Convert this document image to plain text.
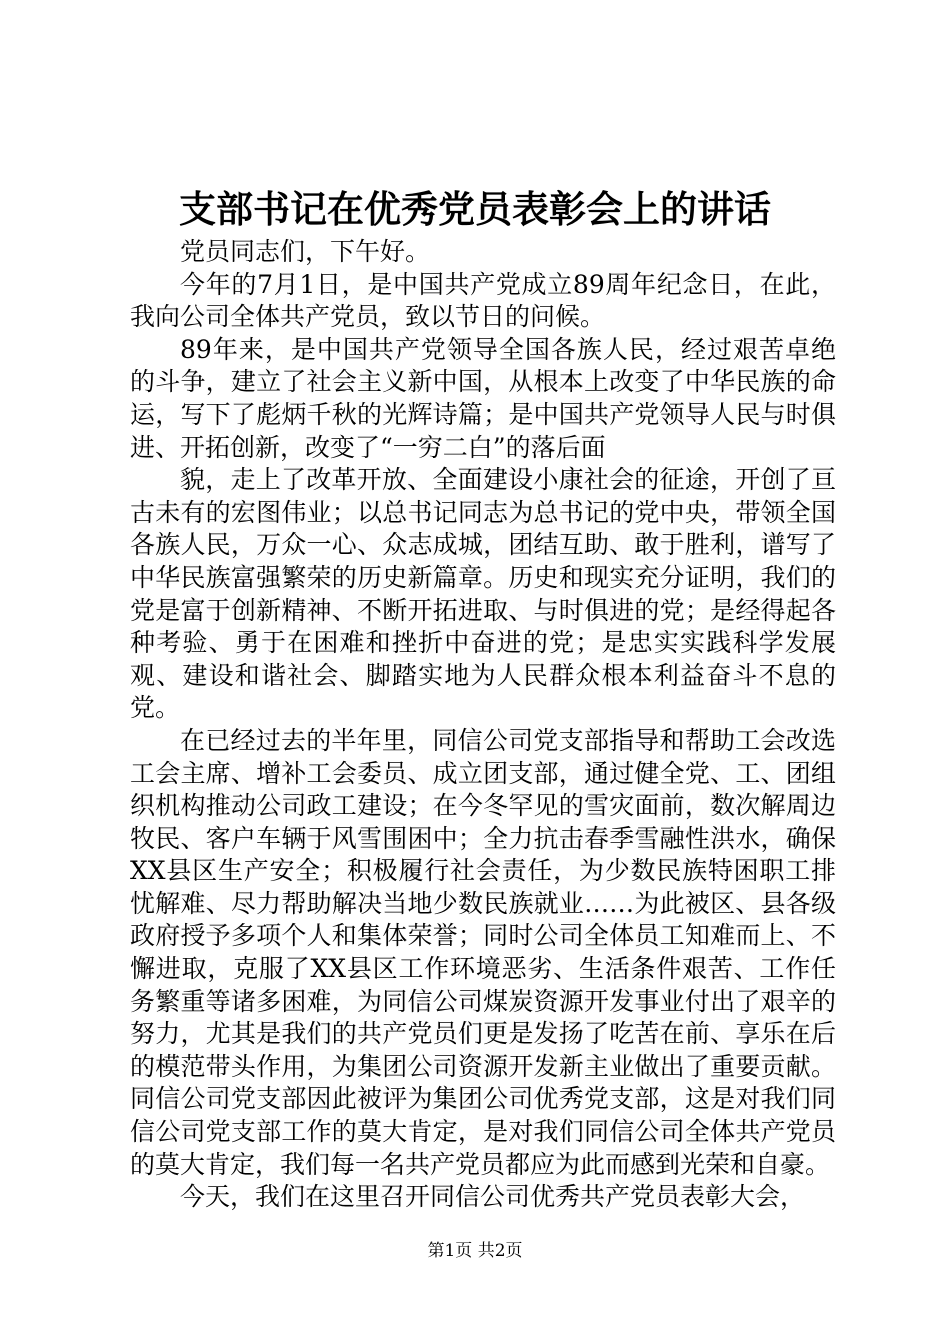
支部书记在优秀党员表彰会上的讲话

党员同志们，下午好。

今年的7月1日，是中国共产党成立89周年纪念日，在此，我向公司全体共产党员，致以节日的问候。

89年来，是中国共产党领导全国各族人民，经过艰苦卓绝的斗争，建立了社会主义新中国，从根本上改变了中华民族的命运，写下了彪炳千秋的光辉诗篇；是中国共产党领导人民与时俱进、开拓创新，改变了“一穷二白”的落后面

貌，走上了改革开放、全面建设小康社会的征途，开创了亘古未有的宏图伟业；以总书记同志为总书记的党中央，带领全国各族人民，万众一心、众志成城，团结互助、敢于胜利，谱写了中华民族富强繁荣的历史新篇章。历史和现实充分证明，我们的党是富于创新精神、不断开拓进取、与时俱进的党；是经得起各种考验、勇于在困难和挫折中奋进的党；是忠实实践科学发展观、建设和谐社会、脚踏实地为人民群众根本利益奋斗不息的党。

在已经过去的半年里，同信公司党支部指导和帮助工会改选工会主席、增补工会委员、成立团支部，通过健全党、工、团组织机构推动公司政工建设；在今冬罕见的雪灾面前，数次解周边牧民、客户车辆于风雪围困中；全力抗击春季雪融性洪水，确保XX县区生产安全；积极履行社会责任，为少数民族特困职工排忧解难、尽力帮助解决当地少数民族就业……为此被区、县各级政府授予多项个人和集体荣誉；同时公司全体员工知难而上、不懈进取，克服了XX县区工作环境恶劣、生活条件艰苦、工作任务繁重等诸多困难，为同信公司煤炭资源开发事业付出了艰辛的努力，尤其是我们的共产党员们更是发扬了吃苦在前、享乐在后的模范带头作用，为集团公司资源开发新主业做出了重要贡献。同信公司党支部因此被评为集团公司优秀党支部，这是对我们同信公司党支部工作的莫大肯定，是对我们同信公司全体共产党员的莫大肯定，我们每一名共产党员都应为此而感到光荣和自豪。

今天，我们在这里召开同信公司优秀共产党员表彰大会，

第1页 共2页
